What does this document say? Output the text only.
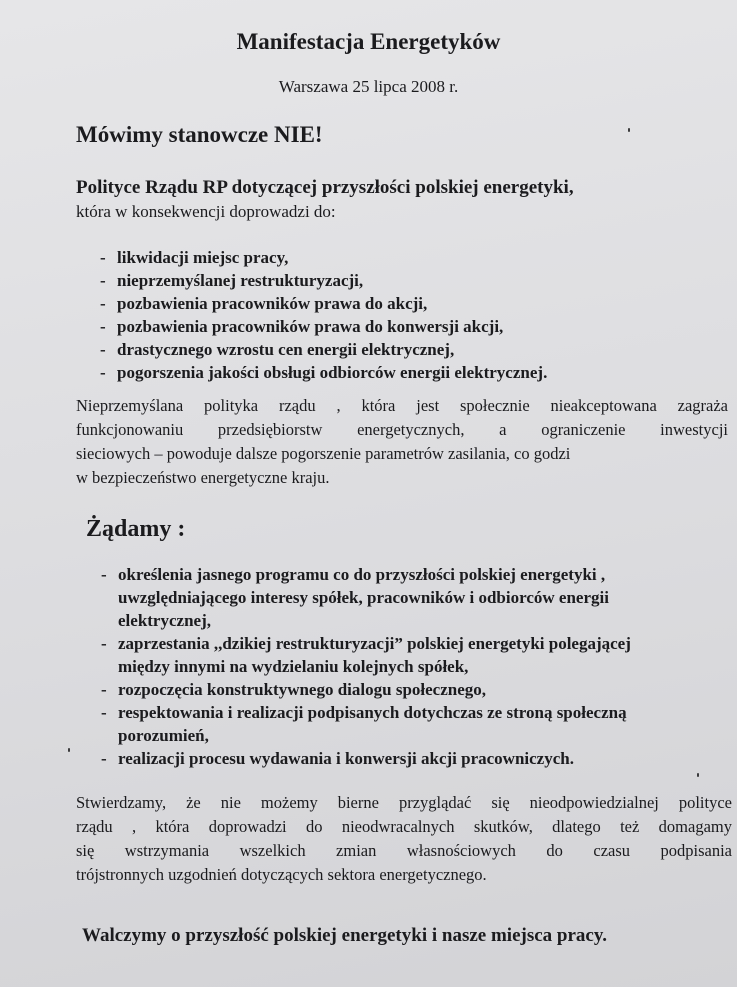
Manifestacja Energetyków

Warszawa 25 lipca 2008 r.

Mówimy stanowcze NIE!

Polityce Rządu RP dotyczącej przyszłości polskiej energetyki,

która w konsekwencji doprowadzi do:

- likwidacji miejsc pracy,
- nieprzemyślanej restrukturyzacji,
- pozbawienia pracowników prawa do akcji,
- pozbawienia pracowników prawa do konwersji akcji,
- drastycznego wzrostu cen energii elektrycznej,
- pogorszenia jakości obsługi odbiorców energii elektrycznej.

Nieprzemyślana polityka rządu , która jest społecznie nieakceptowana zagraża
funkcjonowaniu przedsiębiorstw energetycznych, a ograniczenie inwestycji
sieciowych – powoduje dalsze pogorszenie parametrów zasilania, co godzi
w bezpieczeństwo energetyczne kraju.

Żądamy :
- określenia jasnego programu co do przyszłości polskiej energetyki ,
uwzględniającego interesy spółek, pracowników i odbiorców energii
elektrycznej,
- zaprzestania ,,dzikiej restrukturyzacji” polskiej energetyki polegającej
między innymi na wydzielaniu kolejnych spółek,
- rozpoczęcia konstruktywnego dialogu społecznego,
- respektowania i realizacji podpisanych dotychczas ze stroną społeczną
porozumień,
- realizacji procesu wydawania i konwersji akcji pracowniczych.

Stwierdzamy, że nie możemy bierne przyglądać się nieodpowiedzialnej polityce
rządu , która doprowadzi do nieodwracalnych skutków, dlatego też domagamy
się wstrzymania wszelkich zmian własnościowych do czasu podpisania
trójstronnych uzgodnień dotyczących sektora energetycznego.

Walczymy o przyszłość polskiej energetyki i nasze miejsca pracy.
